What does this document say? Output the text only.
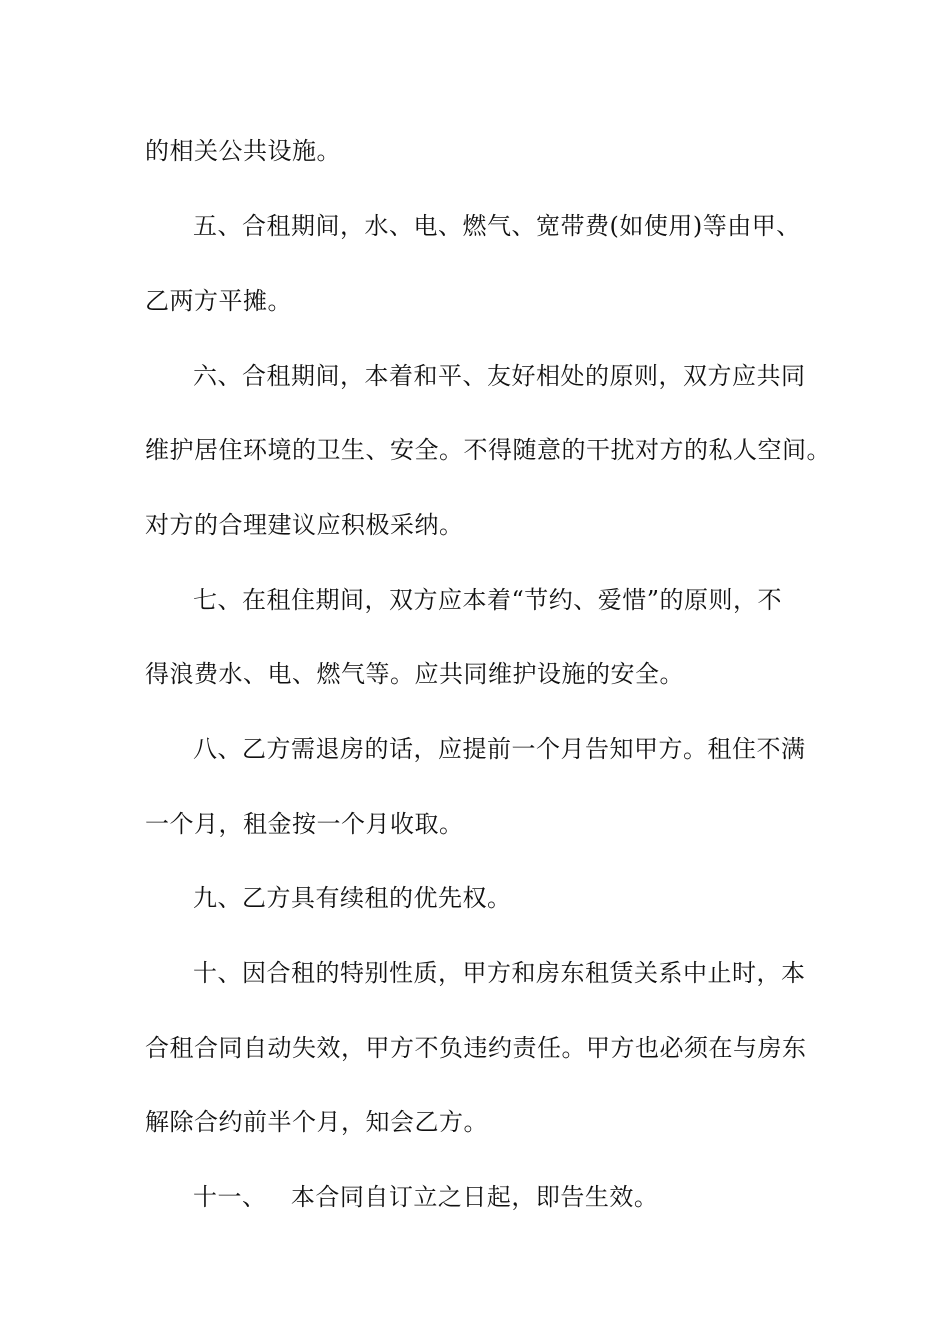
的相关公共设施。
五、合租期间，水、电、燃气、宽带费(如使用)等由甲、
乙两方平摊。
六、合租期间，本着和平、友好相处的原则，双方应共同
维护居住环境的卫生、安全。不得随意的干扰对方的私人空间。
对方的合理建议应积极采纳。
七、在租住期间，双方应本着“节约、爱惜”的原则，不
得浪费水、电、燃气等。应共同维护设施的安全。
八、乙方需退房的话，应提前一个月告知甲方。租住不满
一个月，租金按一个月收取。
九、乙方具有续租的优先权。
十、因合租的特别性质，甲方和房东租赁关系中止时，本
合租合同自动失效，甲方不负违约责任。甲方也必须在与房东
解除合约前半个月，知会乙方。
十一、   本合同自订立之日起，即告生效。
